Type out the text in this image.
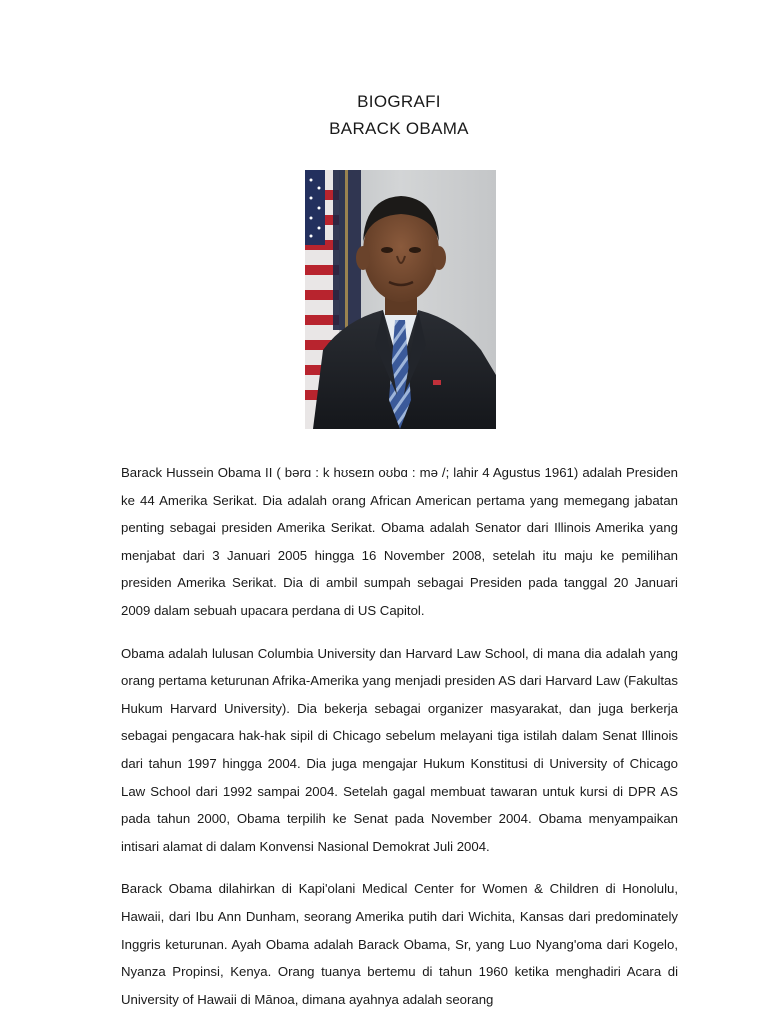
BIOGRAFI
BARACK OBAMA

Barack Hussein Obama II ( bərɑ : k hʊseɪn oʊbɑ : mə /; lahir 4 Agustus 1961) adalah Presiden ke 44 Amerika Serikat. Dia adalah orang African American pertama yang memegang jabatan penting sebagai presiden Amerika Serikat. Obama adalah Senator dari Illinois Amerika yang menjabat dari 3 Januari 2005 hingga 16 November 2008, setelah itu maju ke pemilihan presiden Amerika Serikat. Dia di ambil sumpah sebagai Presiden pada tanggal 20 Januari 2009 dalam sebuah upacara perdana di US Capitol.

Obama adalah lulusan Columbia University dan Harvard Law School, di mana dia adalah yang orang pertama keturunan Afrika-Amerika yang menjadi presiden AS dari Harvard Law (Fakultas Hukum Harvard University). Dia bekerja sebagai organizer masyarakat, dan juga berkerja sebagai pengacara hak-hak sipil di Chicago sebelum melayani tiga istilah dalam Senat Illinois dari tahun 1997 hingga 2004. Dia juga mengajar Hukum Konstitusi di University of Chicago Law School dari 1992 sampai 2004. Setelah gagal membuat tawaran untuk kursi di DPR AS pada tahun 2000, Obama terpilih ke Senat pada November 2004. Obama menyampaikan intisari alamat di dalam Konvensi Nasional Demokrat Juli 2004.

Barack Obama dilahirkan di Kapi'olani Medical Center for Women & Children di Honolulu, Hawaii, dari Ibu Ann Dunham, seorang Amerika putih dari Wichita, Kansas dari predominately Inggris keturunan. Ayah Obama adalah Barack Obama, Sr, yang Luo Nyang'oma dari Kogelo, Nyanza Propinsi, Kenya. Orang tuanya bertemu di tahun 1960 ketika menghadiri Acara di University of Hawaii di Mānoa, dimana ayahnya adalah seorang
